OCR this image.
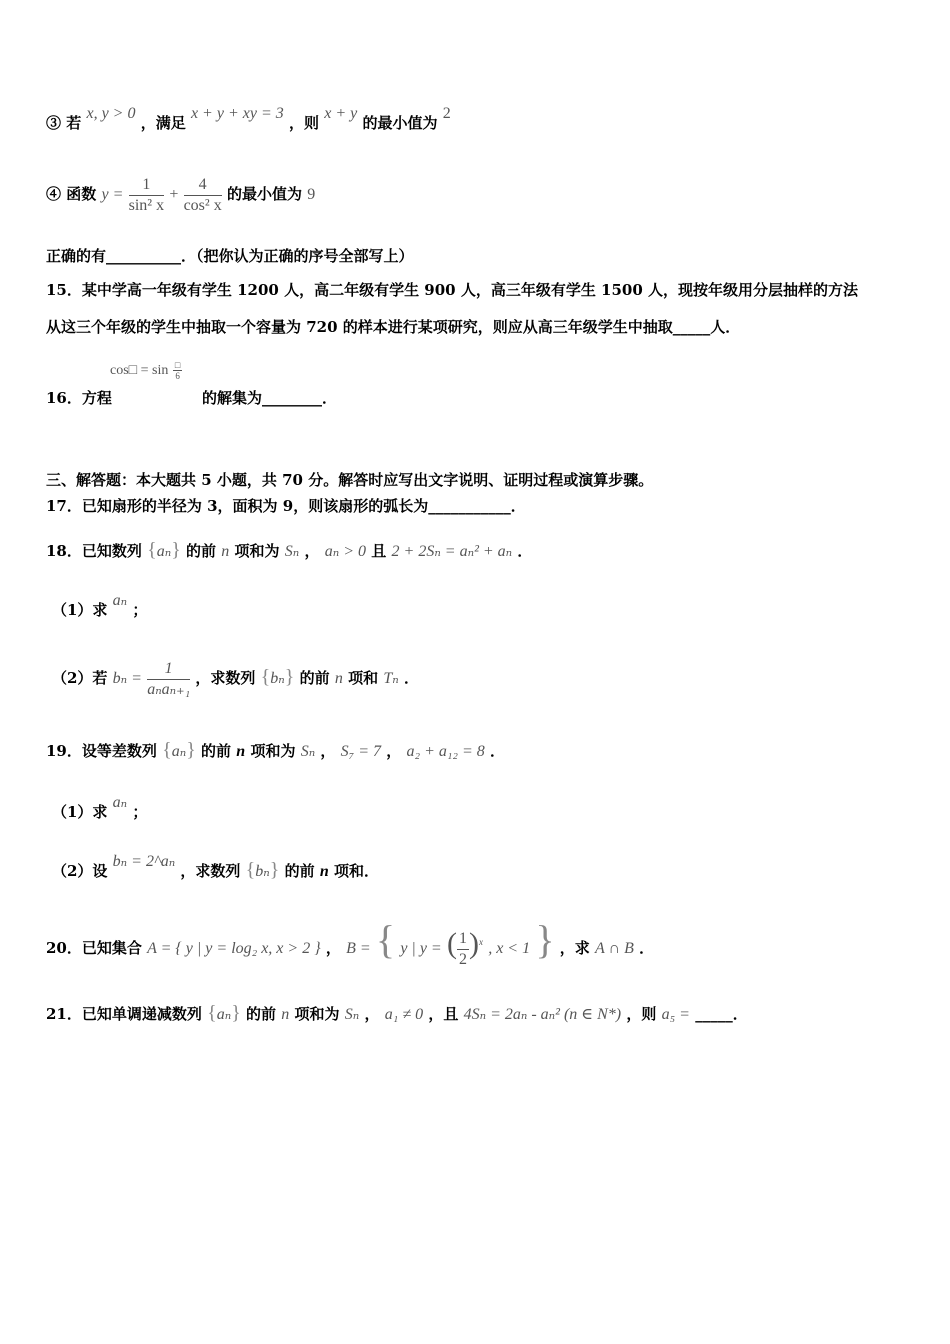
③ 若 x, y > 0 ，满足 x + y + xy = 3 ，则 x + y 的最小值为 2
④ 函数 $y = \frac{1}{\text{sin² x}} + \frac{4}{\text{cos² x}}$ 的最小值为 9
正确的有__________．（把你认为正确的序号全部写上）
15．某中学高一年级有学生 1200 人，高二年级有学生 900 人，高三年级有学生 1500 人，现按年级用分层抽样的方法
从这三个年级的学生中抽取一个容量为 720 的样本进行某项研究，则应从高三年级学生中抽取_____人．
cos□ = $\sin \frac{□}{6}$
16．方程	的解集为________．
三、解答题：本大题共 5 小题，共 70 分。解答时应写出文字说明、证明过程或演算步骤。
17．已知扇形的半径为 3，面积为 9，则该扇形的弧长为___________．
18．已知数列 {aₙ} 的前 n 项和为 Sₙ ， aₙ > 0 且 2 + 2Sₙ = aₙ² + aₙ ．
（1）求 aₙ ；
（2）若 $b_n = \frac{1}{\text{aₙaₙ₊₁}}$ ，求数列 {bₙ} 的前 n 项和 Tₙ ．
19．设等差数列 {aₙ} 的前 n 项和为 Sₙ ， S₇ = 7 ， a₂ + a₁₂ = 8 ．
（1）求 aₙ ；
（2）设 bₙ = 2^aₙ ，求数列 {bₙ} 的前 n 项和．
20．已知集合 A = { y | y = log₂ x, x > 2 } ， B = { y | y = ( $\frac{1}{2} )^x$ , x < 1 } ，求 A ∩ B ．
21．已知单调递减数列 {aₙ} 的前 n 项和为 Sₙ ， a₁ ≠ 0 ，且 4Sₙ = 2aₙ - aₙ² (n ∈ N*) ，则 a₅ = _____．
